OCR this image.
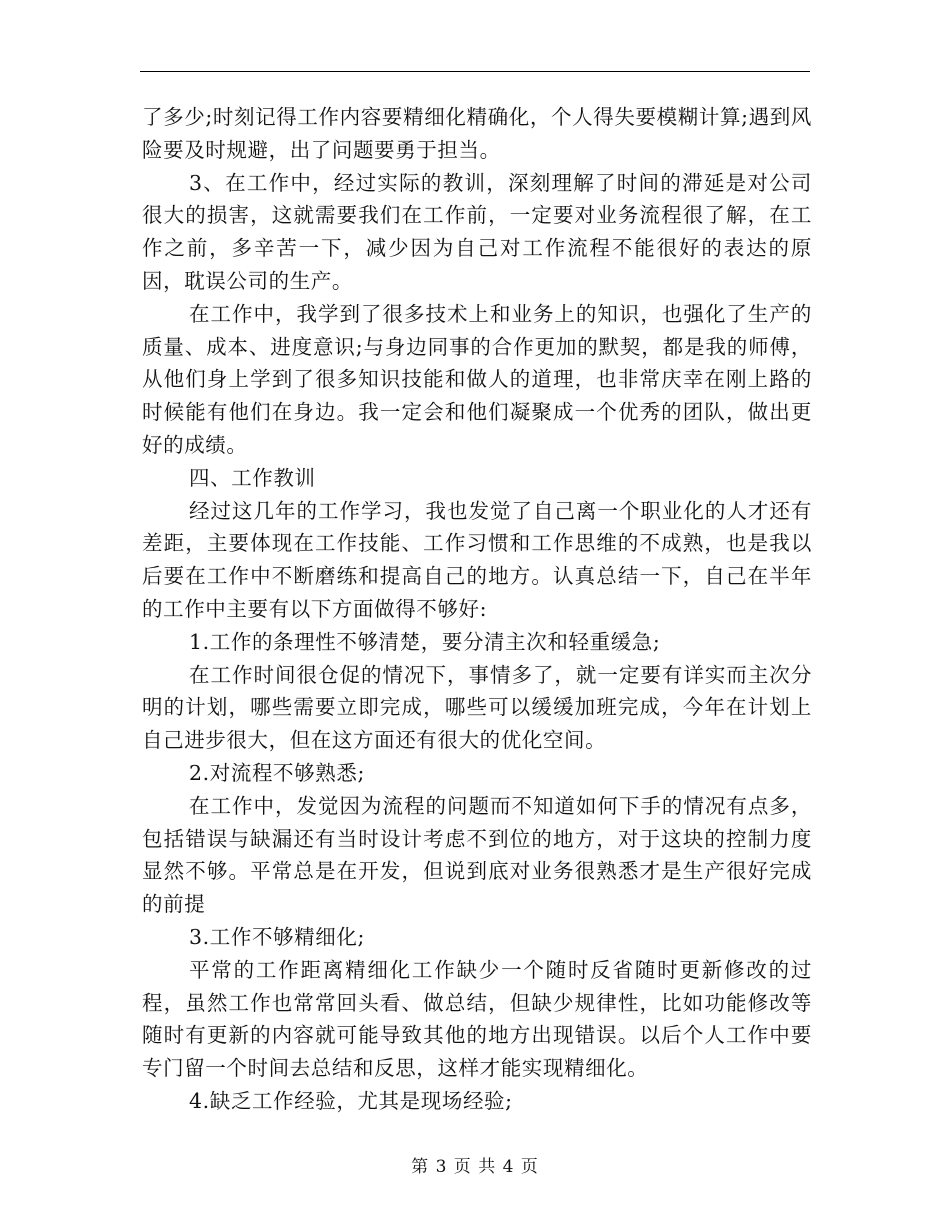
了多少;时刻记得工作内容要精细化精确化，个人得失要模糊计算;遇到风险要及时规避，出了问题要勇于担当。

3、在工作中，经过实际的教训，深刻理解了时间的滞延是对公司很大的损害，这就需要我们在工作前，一定要对业务流程很了解，在工作之前，多辛苦一下，减少因为自己对工作流程不能很好的表达的原因，耽误公司的生产。

在工作中，我学到了很多技术上和业务上的知识，也强化了生产的质量、成本、进度意识;与身边同事的合作更加的默契，都是我的师傅，从他们身上学到了很多知识技能和做人的道理，也非常庆幸在刚上路的时候能有他们在身边。我一定会和他们凝聚成一个优秀的团队，做出更好的成绩。

四、工作教训

经过这几年的工作学习，我也发觉了自己离一个职业化的人才还有差距，主要体现在工作技能、工作习惯和工作思维的不成熟，也是我以后要在工作中不断磨练和提高自己的地方。认真总结一下，自己在半年的工作中主要有以下方面做得不够好:

1.工作的条理性不够清楚，要分清主次和轻重缓急;

在工作时间很仓促的情况下，事情多了，就一定要有详实而主次分明的计划，哪些需要立即完成，哪些可以缓缓加班完成，今年在计划上自己进步很大，但在这方面还有很大的优化空间。

2.对流程不够熟悉;

在工作中，发觉因为流程的问题而不知道如何下手的情况有点多，包括错误与缺漏还有当时设计考虑不到位的地方，对于这块的控制力度显然不够。平常总是在开发，但说到底对业务很熟悉才是生产很好完成的前提

3.工作不够精细化;

平常的工作距离精细化工作缺少一个随时反省随时更新修改的过程，虽然工作也常常回头看、做总结，但缺少规律性，比如功能修改等随时有更新的内容就可能导致其他的地方出现错误。以后个人工作中要专门留一个时间去总结和反思，这样才能实现精细化。

4.缺乏工作经验，尤其是现场经验;

第 3 页 共 4 页
